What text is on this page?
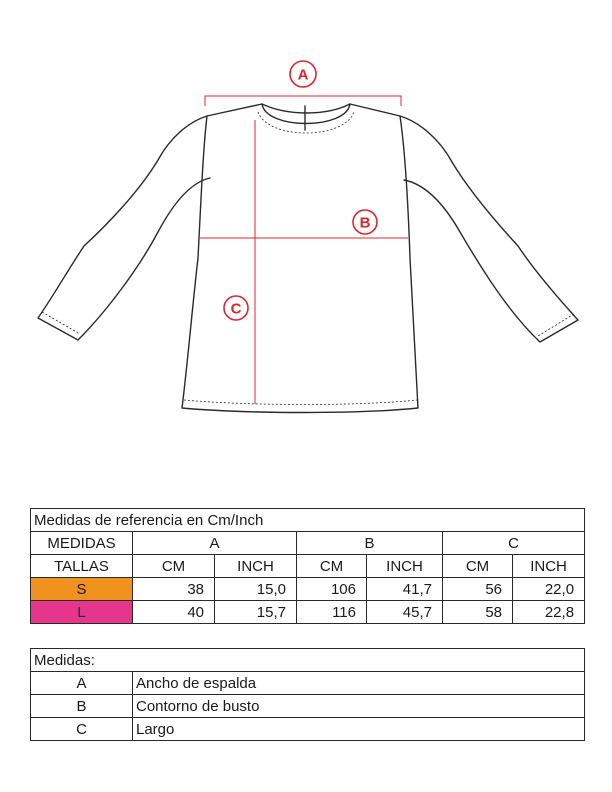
A
B
C
Medidas de referencia en Cm/Inch						
MEDIDAS	A		B		C	
TALLAS	CM	INCH	CM	INCH	CM	INCH
S	38	15,0	106	41,7	56	22,0
L	40	15,7	116	45,7	58	22,8
Medidas:	
A	Ancho de espalda
B	Contorno de busto
C	Largo
